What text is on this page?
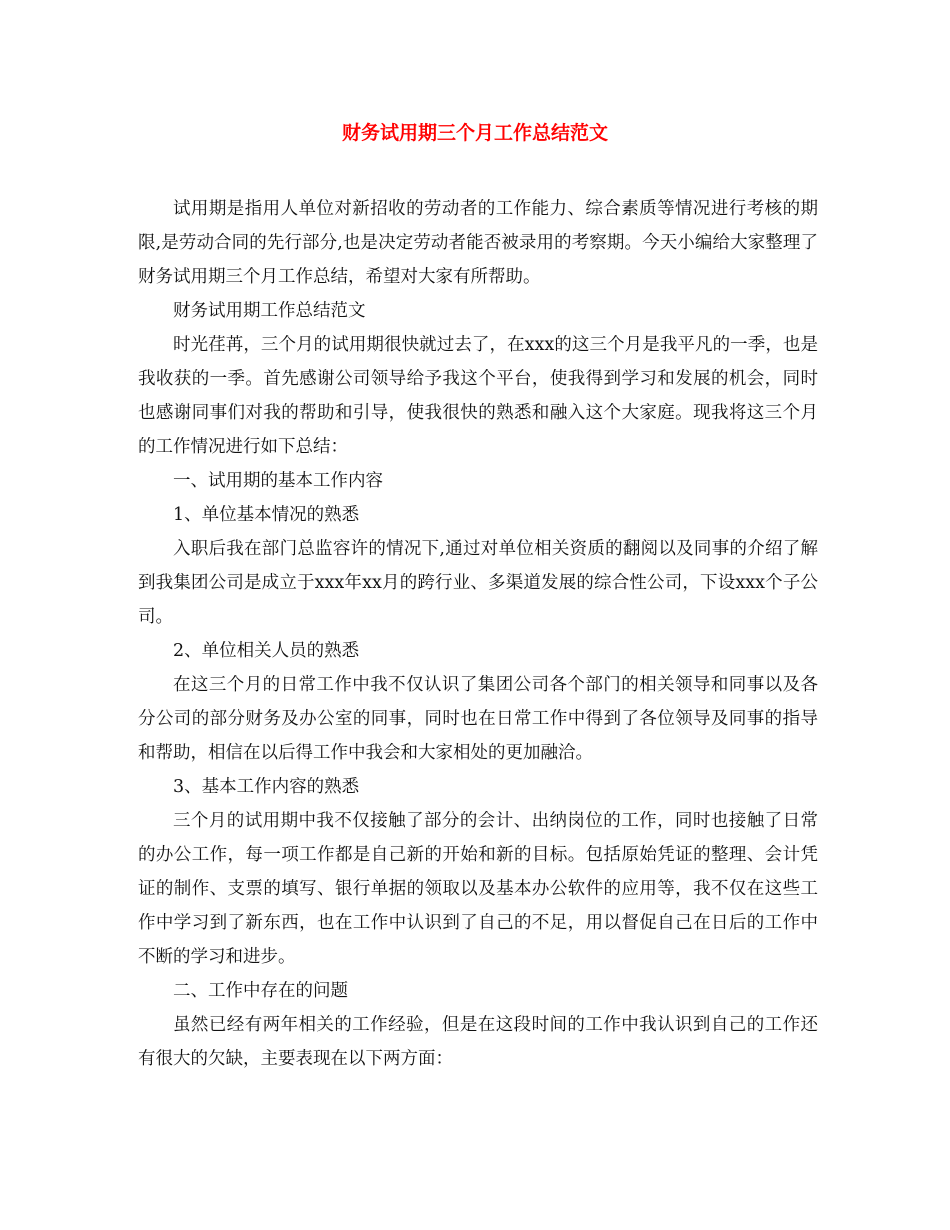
财务试用期三个月工作总结范文

试用期是指用人单位对新招收的劳动者的工作能力、综合素质等情况进行考核的期限,是劳动合同的先行部分,也是决定劳动者能否被录用的考察期。今天小编给大家整理了财务试用期三个月工作总结，希望对大家有所帮助。

财务试用期工作总结范文

时光荏苒，三个月的试用期很快就过去了，在xxx的这三个月是我平凡的一季，也是我收获的一季。首先感谢公司领导给予我这个平台，使我得到学习和发展的机会，同时也感谢同事们对我的帮助和引导，使我很快的熟悉和融入这个大家庭。现我将这三个月的工作情况进行如下总结：

一、试用期的基本工作内容

1、单位基本情况的熟悉

入职后我在部门总监容许的情况下,通过对单位相关资质的翻阅以及同事的介绍了解到我集团公司是成立于xxx年xx月的跨行业、多渠道发展的综合性公司，下设xxx个子公司。

2、单位相关人员的熟悉

在这三个月的日常工作中我不仅认识了集团公司各个部门的相关领导和同事以及各分公司的部分财务及办公室的同事，同时也在日常工作中得到了各位领导及同事的指导和帮助，相信在以后得工作中我会和大家相处的更加融洽。

3、基本工作内容的熟悉

三个月的试用期中我不仅接触了部分的会计、出纳岗位的工作，同时也接触了日常的办公工作，每一项工作都是自己新的开始和新的目标。包括原始凭证的整理、会计凭证的制作、支票的填写、银行单据的领取以及基本办公软件的应用等，我不仅在这些工作中学习到了新东西，也在工作中认识到了自己的不足，用以督促自己在日后的工作中不断的学习和进步。

二、工作中存在的问题

虽然已经有两年相关的工作经验，但是在这段时间的工作中我认识到自己的工作还有很大的欠缺，主要表现在以下两方面：
